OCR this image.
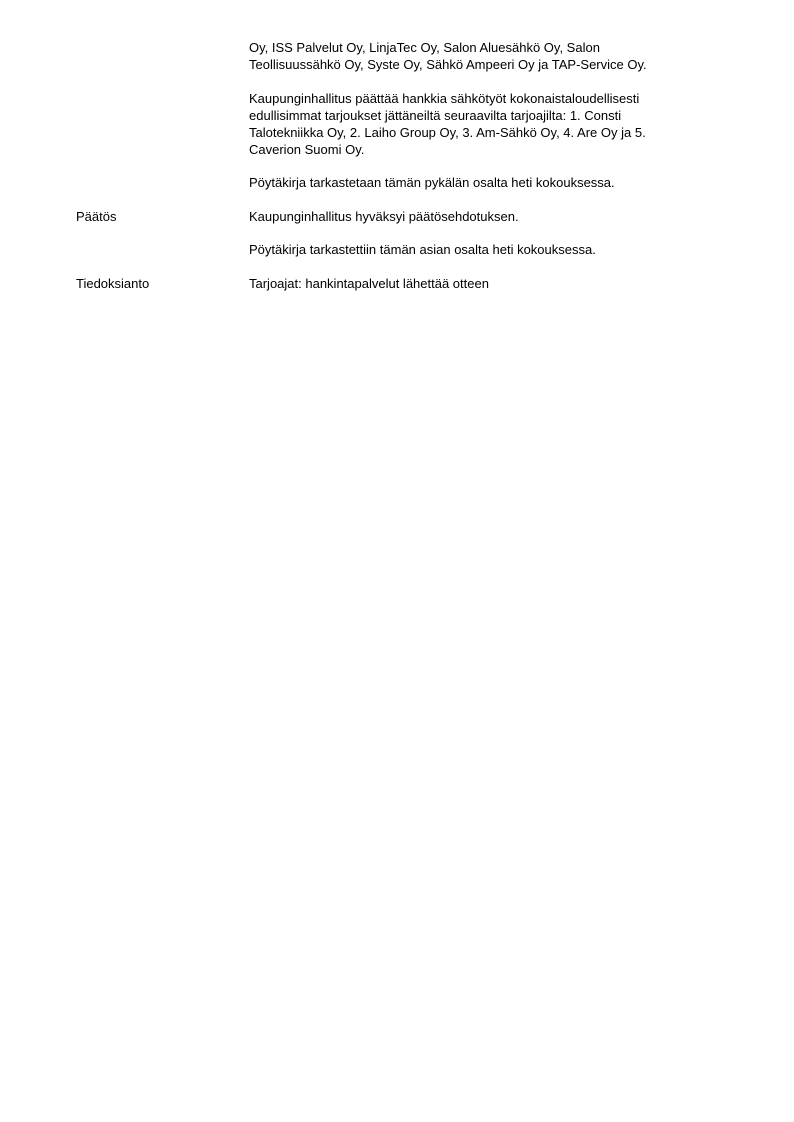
Oy, ISS Palvelut Oy, LinjaTec Oy, Salon Aluesähkö Oy, Salon
Teollisuussähkö Oy, Syste Oy, Sähkö Ampeeri Oy ja TAP-Service Oy.
Kaupunginhallitus päättää hankkia sähkötyöt kokonaistaloudellisesti
edullisimmat tarjoukset jättäneiltä seuraavilta tarjoajilta: 1. Consti
Talotekniikka Oy, 2. Laiho Group Oy, 3. Am-Sähkö Oy, 4. Are Oy ja 5.
Caverion Suomi Oy.
Pöytäkirja tarkastetaan tämän pykälän osalta heti kokouksessa.
Päätös	Kaupunginhallitus hyväksyi päätösehdotuksen.
Pöytäkirja tarkastettiin tämän asian osalta heti kokouksessa.
Tiedoksianto	Tarjoajat: hankintapalvelut lähettää otteen
